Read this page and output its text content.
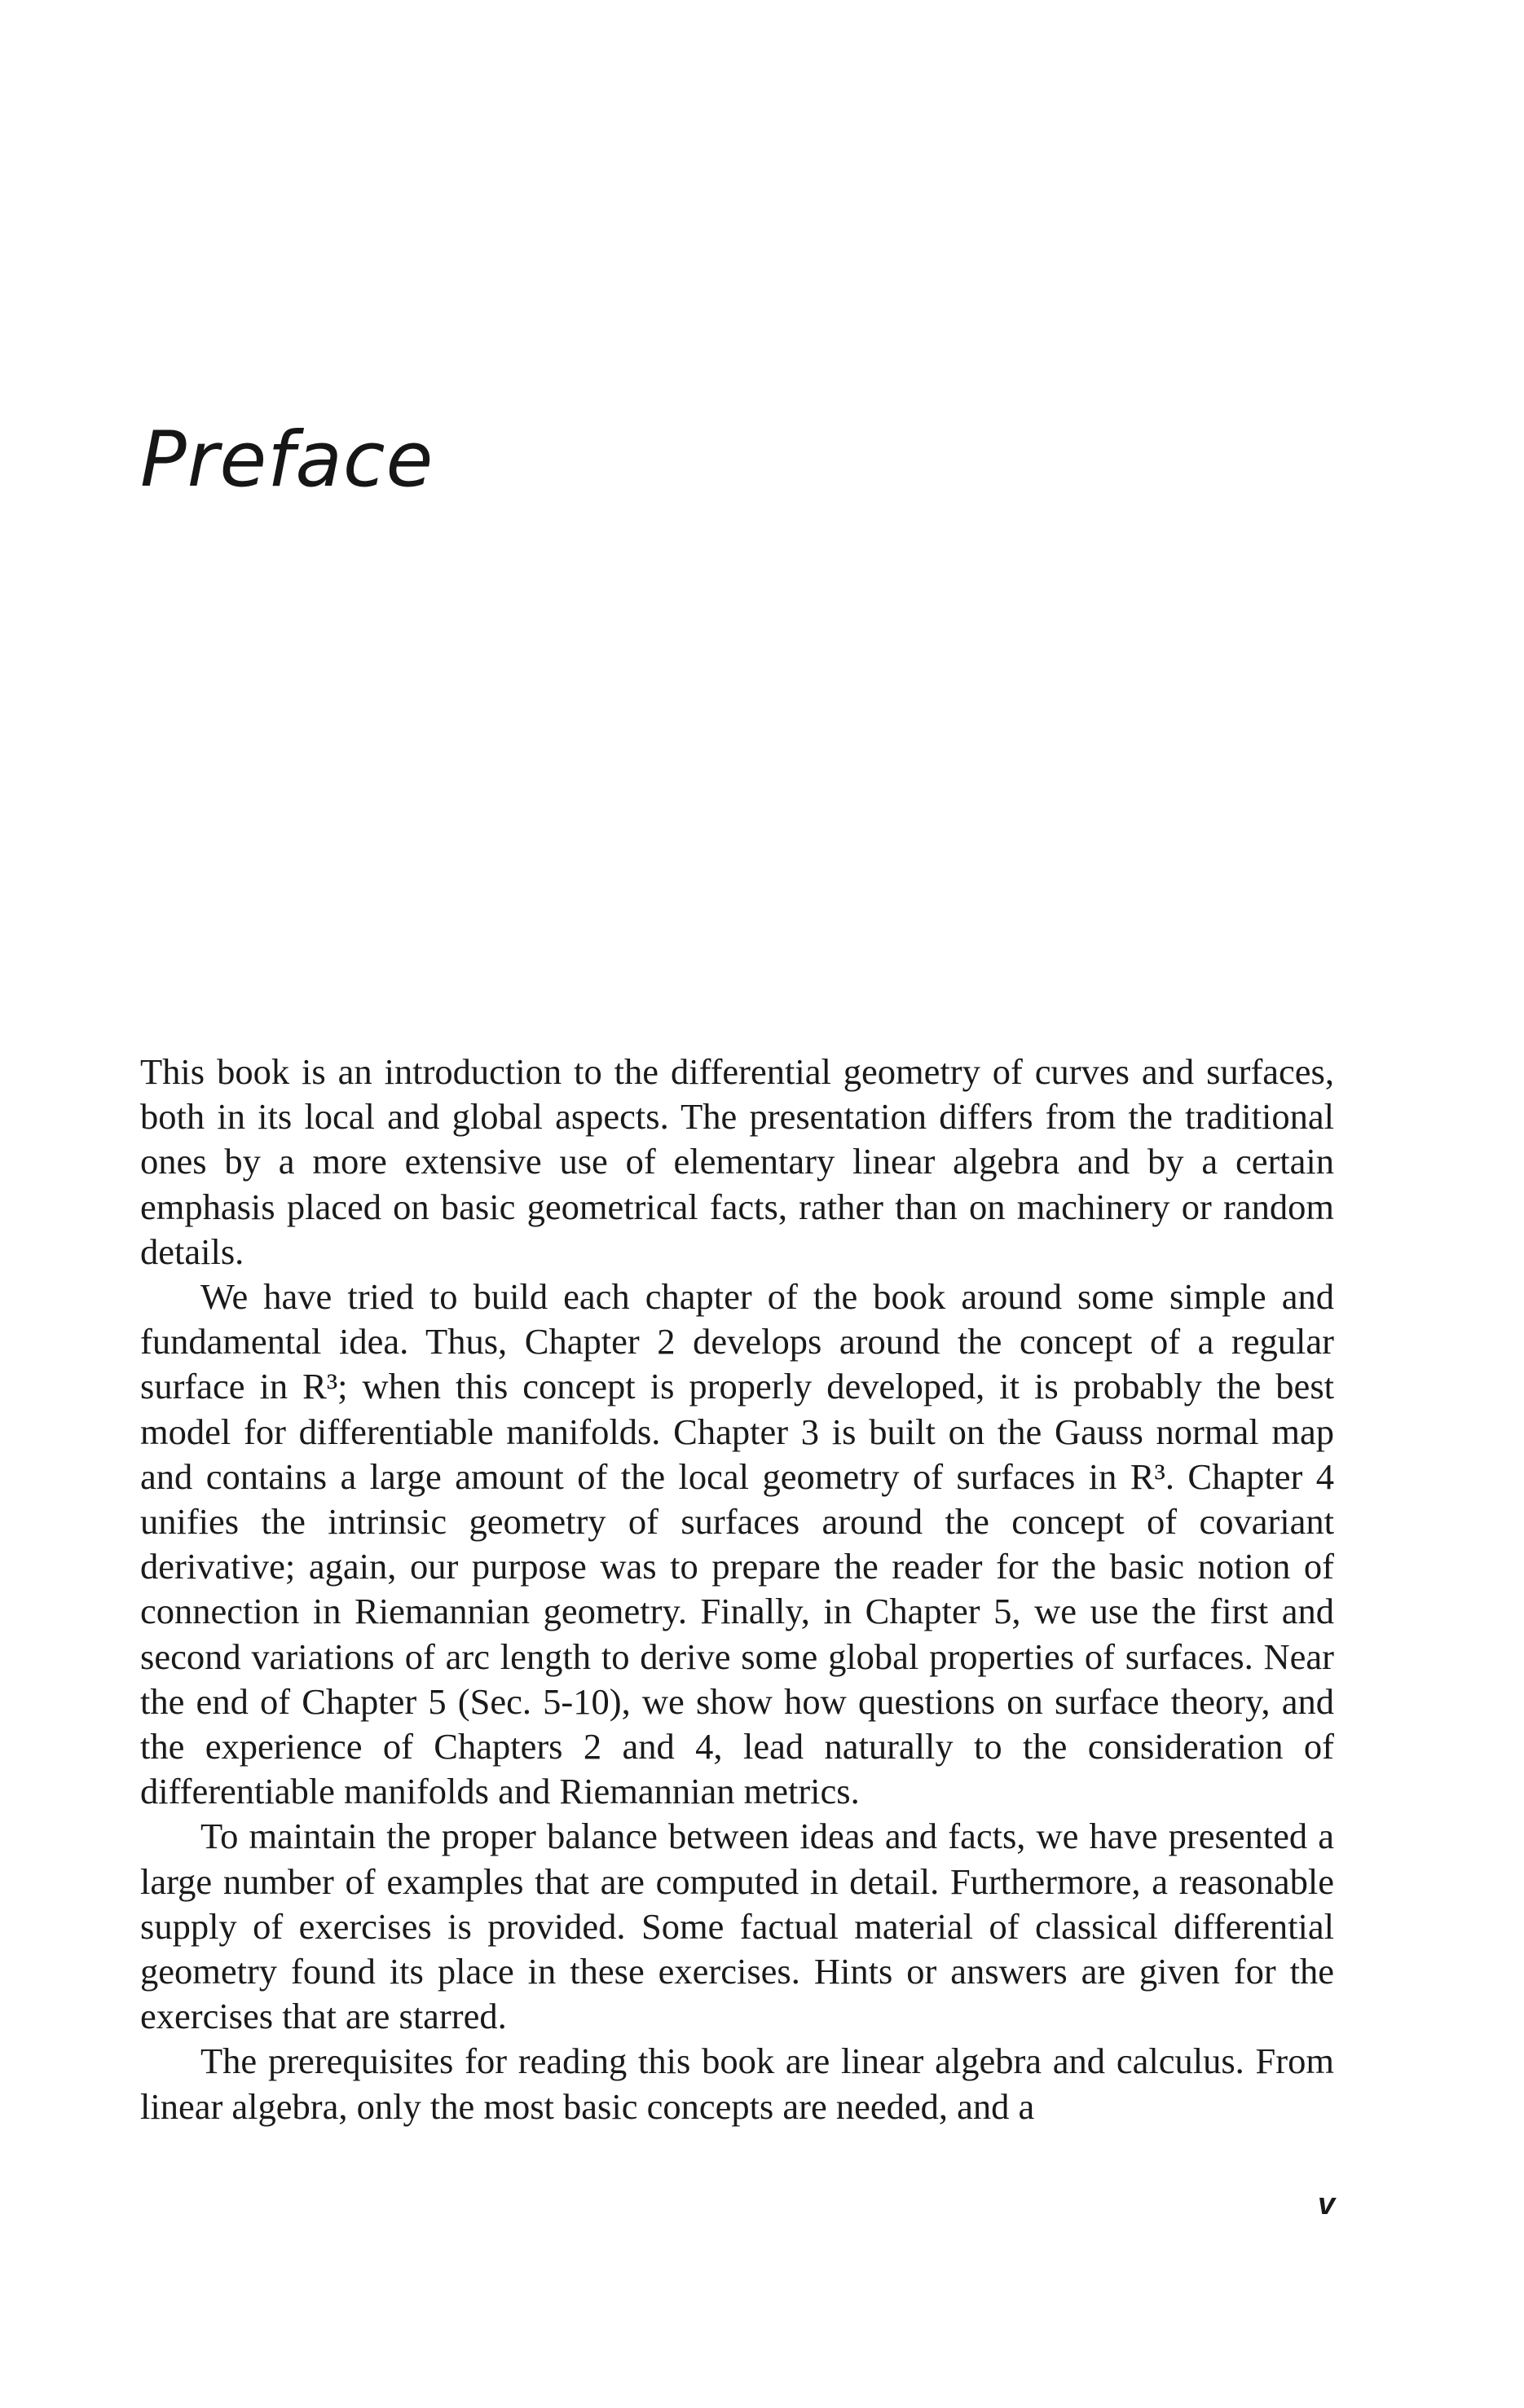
Preface

This book is an introduction to the differential geometry of curves and surfaces, both in its local and global aspects. The presentation differs from the traditional ones by a more extensive use of elementary linear algebra and by a certain emphasis placed on basic geometrical facts, rather than on machinery or random details.

We have tried to build each chapter of the book around some simple and fundamental idea. Thus, Chapter 2 develops around the concept of a regular surface in R³; when this concept is properly developed, it is probably the best model for differentiable manifolds. Chapter 3 is built on the Gauss normal map and contains a large amount of the local geometry of surfaces in R³. Chapter 4 unifies the intrinsic geometry of surfaces around the concept of covariant derivative; again, our purpose was to prepare the reader for the basic notion of connection in Riemannian geometry. Finally, in Chapter 5, we use the first and second variations of arc length to derive some global properties of surfaces. Near the end of Chapter 5 (Sec. 5-10), we show how questions on surface theory, and the experience of Chapters 2 and 4, lead naturally to the consideration of differentiable manifolds and Riemannian metrics.

To maintain the proper balance between ideas and facts, we have presented a large number of examples that are computed in detail. Furthermore, a reasonable supply of exercises is provided. Some factual material of classical differential geometry found its place in these exercises. Hints or answers are given for the exercises that are starred.

The prerequisites for reading this book are linear algebra and calculus. From linear algebra, only the most basic concepts are needed, and a

v
